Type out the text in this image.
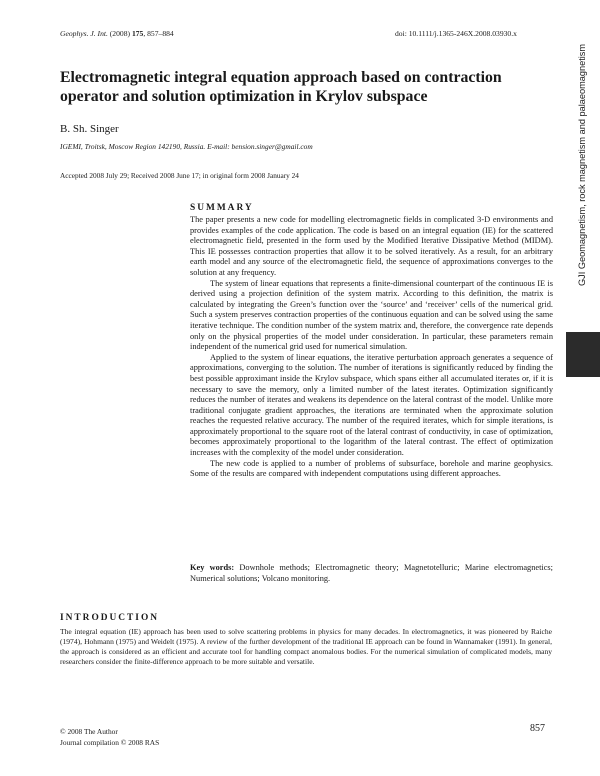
Geophys. J. Int. (2008) 175, 857–884	doi: 10.1111/j.1365-246X.2008.03930.x
GJI Geomagnetism, rock magnetism and palaeomagnetism
Electromagnetic integral equation approach based on contraction operator and solution optimization in Krylov subspace
B. Sh. Singer
IGEMI, Troitsk, Moscow Region 142190, Russia. E-mail: bension.singer@gmail.com
Accepted 2008 July 29; Received 2008 June 17; in original form 2008 January 24
SUMMARY

The paper presents a new code for modelling electromagnetic fields in complicated 3-D environments and provides examples of the code application. The code is based on an integral equation (IE) for the scattered electromagnetic field, presented in the form used by the Modified Iterative Dissipative Method (MIDM). This IE possesses contraction properties that allow it to be solved iteratively. As a result, for an arbitrary earth model and any source of the electromagnetic field, the sequence of approximations converges to the solution at any frequency.

The system of linear equations that represents a finite-dimensional counterpart of the continuous IE is derived using a projection definition of the system matrix. According to this definition, the matrix is calculated by integrating the Green’s function over the ‘source’ and ‘receiver’ cells of the numerical grid. Such a system preserves contraction properties of the continuous equation and can be solved using the same iterative technique. The condition number of the system matrix and, therefore, the convergence rate depends only on the physical properties of the model under consideration. In particular, these parameters remain independent of the numerical grid used for numerical simulation.

Applied to the system of linear equations, the iterative perturbation approach generates a sequence of approximations, converging to the solution. The number of iterations is significantly reduced by finding the best possible approximant inside the Krylov subspace, which spans either all accumulated iterates or, if it is necessary to save the memory, only a limited number of the latest iterates. Optimization significantly reduces the number of iterates and weakens its dependence on the lateral contrast of the model. Unlike more traditional conjugate gradient approaches, the iterations are terminated when the approximate solution reaches the requested relative accuracy. The number of the required iterates, which for simple iterations, is approximately proportional to the square root of the lateral contrast of conductivity, in case of optimization, becomes approximately proportional to the logarithm of the lateral contrast. The effect of optimization increases with the complexity of the model under consideration.

The new code is applied to a number of problems of subsurface, borehole and marine geophysics. Some of the results are compared with independent computations using different approaches.

Key words: Downhole methods; Electromagnetic theory; Magnetotelluric; Marine electromagnetics; Numerical solutions; Volcano monitoring.
INTRODUCTION
The integral equation (IE) approach has been used to solve scattering problems in physics for many decades. In electromagnetics, it was pioneered by Raiche (1974), Hohmann (1975) and Weidelt (1975). A review of the further development of the traditional IE approach can be found in Wannamaker (1991). In general, the approach is considered as an efficient and accurate tool for handling compact anomalous bodies. For the numerical simulation of complicated models, many researchers consider the finite-difference approach to be more suitable and versatile.
© 2008 The Author
Journal compilation © 2008 RAS
857
